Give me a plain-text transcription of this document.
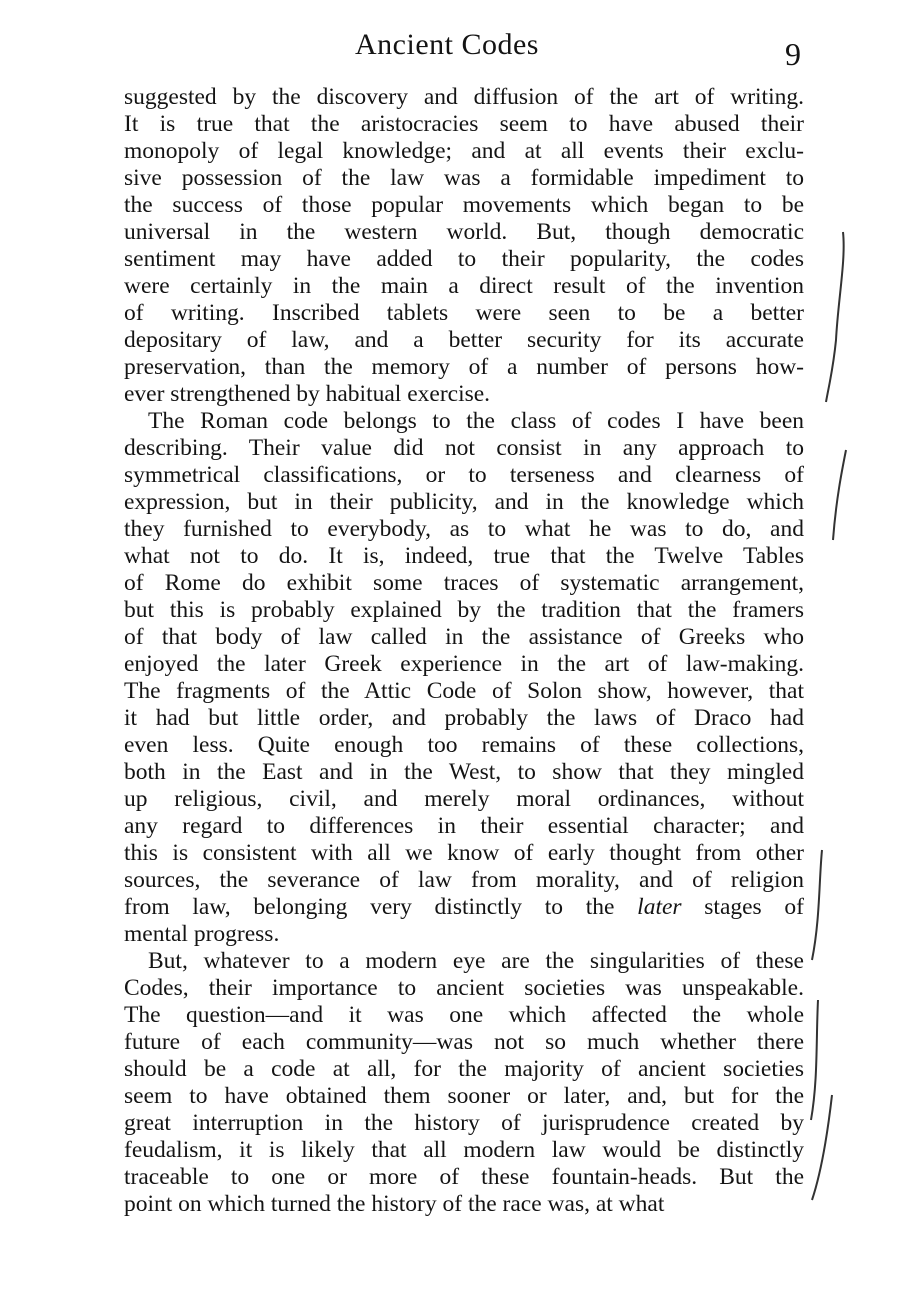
Ancient Codes	9
suggested by the discovery and diffusion of the art of writing.
It is true that the aristocracies seem to have abused their
monopoly of legal knowledge; and at all events their exclu-
sive possession of the law was a formidable impediment to
the success of those popular movements which began to be
universal in the western world. But, though democratic
sentiment may have added to their popularity, the codes
were certainly in the main a direct result of the invention
of writing. Inscribed tablets were seen to be a better
depositary of law, and a better security for its accurate
preservation, than the memory of a number of persons how-
ever strengthened by habitual exercise.
The Roman code belongs to the class of codes I have been
describing. Their value did not consist in any approach to
symmetrical classifications, or to terseness and clearness of
expression, but in their publicity, and in the knowledge which
they furnished to everybody, as to what he was to do, and
what not to do. It is, indeed, true that the Twelve Tables
of Rome do exhibit some traces of systematic arrangement,
but this is probably explained by the tradition that the framers
of that body of law called in the assistance of Greeks who
enjoyed the later Greek experience in the art of law-making.
The fragments of the Attic Code of Solon show, however, that
it had but little order, and probably the laws of Draco had
even less. Quite enough too remains of these collections,
both in the East and in the West, to show that they mingled
up religious, civil, and merely moral ordinances, without
any regard to differences in their essential character; and
this is consistent with all we know of early thought from other
sources, the severance of law from morality, and of religion
from law, belonging very distinctly to the later stages of
mental progress.
But, whatever to a modern eye are the singularities of these
Codes, their importance to ancient societies was unspeakable.
The question—and it was one which affected the whole
future of each community—was not so much whether there
should be a code at all, for the majority of ancient societies
seem to have obtained them sooner or later, and, but for the
great interruption in the history of jurisprudence created by
feudalism, it is likely that all modern law would be distinctly
traceable to one or more of these fountain-heads. But the
point on which turned the history of the race was, at what
